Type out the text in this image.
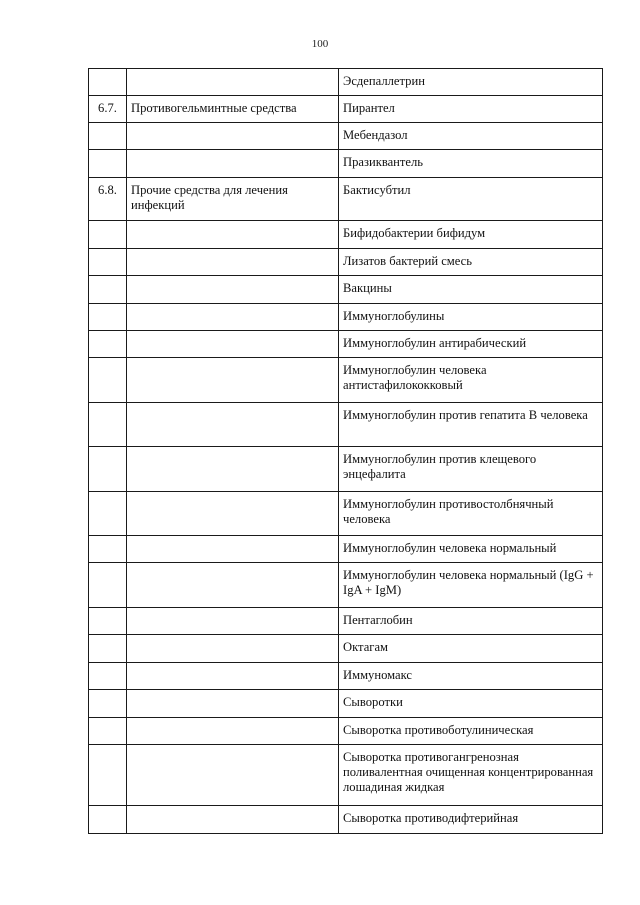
100
		Эсдепаллетрин
6.7.	Противогельминтные средства	Пирантел
		Мебендазол
		Празиквантель
6.8.	Прочие средства для лечения инфекций	Бактисубтил
		Бифидобактерии бифидум
		Лизатов бактерий смесь
		Вакцины
		Иммуноглобулины
		Иммуноглобулин антирабический
		Иммуноглобулин человека антистафилококковый
		Иммуноглобулин против гепатита В человека
		Иммуноглобулин против клещевого энцефалита
		Иммуноглобулин противостолбнячный человека
		Иммуноглобулин человека нормальный
		Иммуноглобулин человека нормальный (IgG + IgA + IgM)
		Пентаглобин
		Октагам
		Иммуномакс
		Сыворотки
		Сыворотка противоботулиническая
		Сыворотка противогангренозная поливалентная очищенная концентрированная лошадиная жидкая
		Сыворотка противодифтерийная
